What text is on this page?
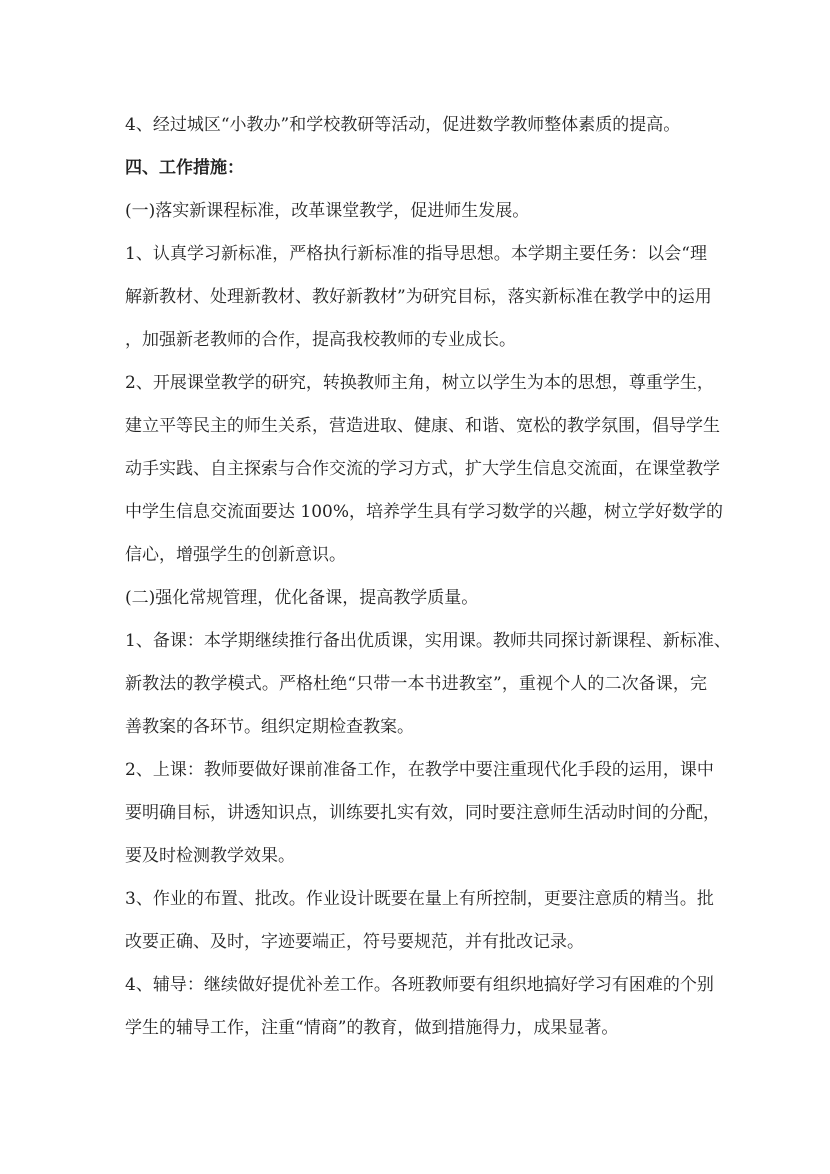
4、经过城区“小教办”和学校教研等活动，促进数学教师整体素质的提高。
四、工作措施：
(一)落实新课程标准，改革课堂教学，促进师生发展。
1、认真学习新标准，严格执行新标准的指导思想。本学期主要任务：以会“理
解新教材、处理新教材、教好新教材”为研究目标，落实新标准在教学中的运用
，加强新老教师的合作，提高我校教师的专业成长。
2、开展课堂教学的研究，转换教师主角，树立以学生为本的思想，尊重学生，
建立平等民主的师生关系，营造进取、健康、和谐、宽松的教学氛围，倡导学生
动手实践、自主探索与合作交流的学习方式，扩大学生信息交流面，在课堂教学
中学生信息交流面要达 100%，培养学生具有学习数学的兴趣，树立学好数学的
信心，增强学生的创新意识。
(二)强化常规管理，优化备课，提高教学质量。
1、备课：本学期继续推行备出优质课，实用课。教师共同探讨新课程、新标准、
新教法的教学模式。严格杜绝“只带一本书进教室”，重视个人的二次备课，完
善教案的各环节。组织定期检查教案。
2、上课：教师要做好课前准备工作，在教学中要注重现代化手段的运用，课中
要明确目标，讲透知识点，训练要扎实有效，同时要注意师生活动时间的分配，
要及时检测教学效果。
3、作业的布置、批改。作业设计既要在量上有所控制，更要注意质的精当。批
改要正确、及时，字迹要端正，符号要规范，并有批改记录。
4、辅导：继续做好提优补差工作。各班教师要有组织地搞好学习有困难的个别
学生的辅导工作，注重“情商”的教育，做到措施得力，成果显著。
